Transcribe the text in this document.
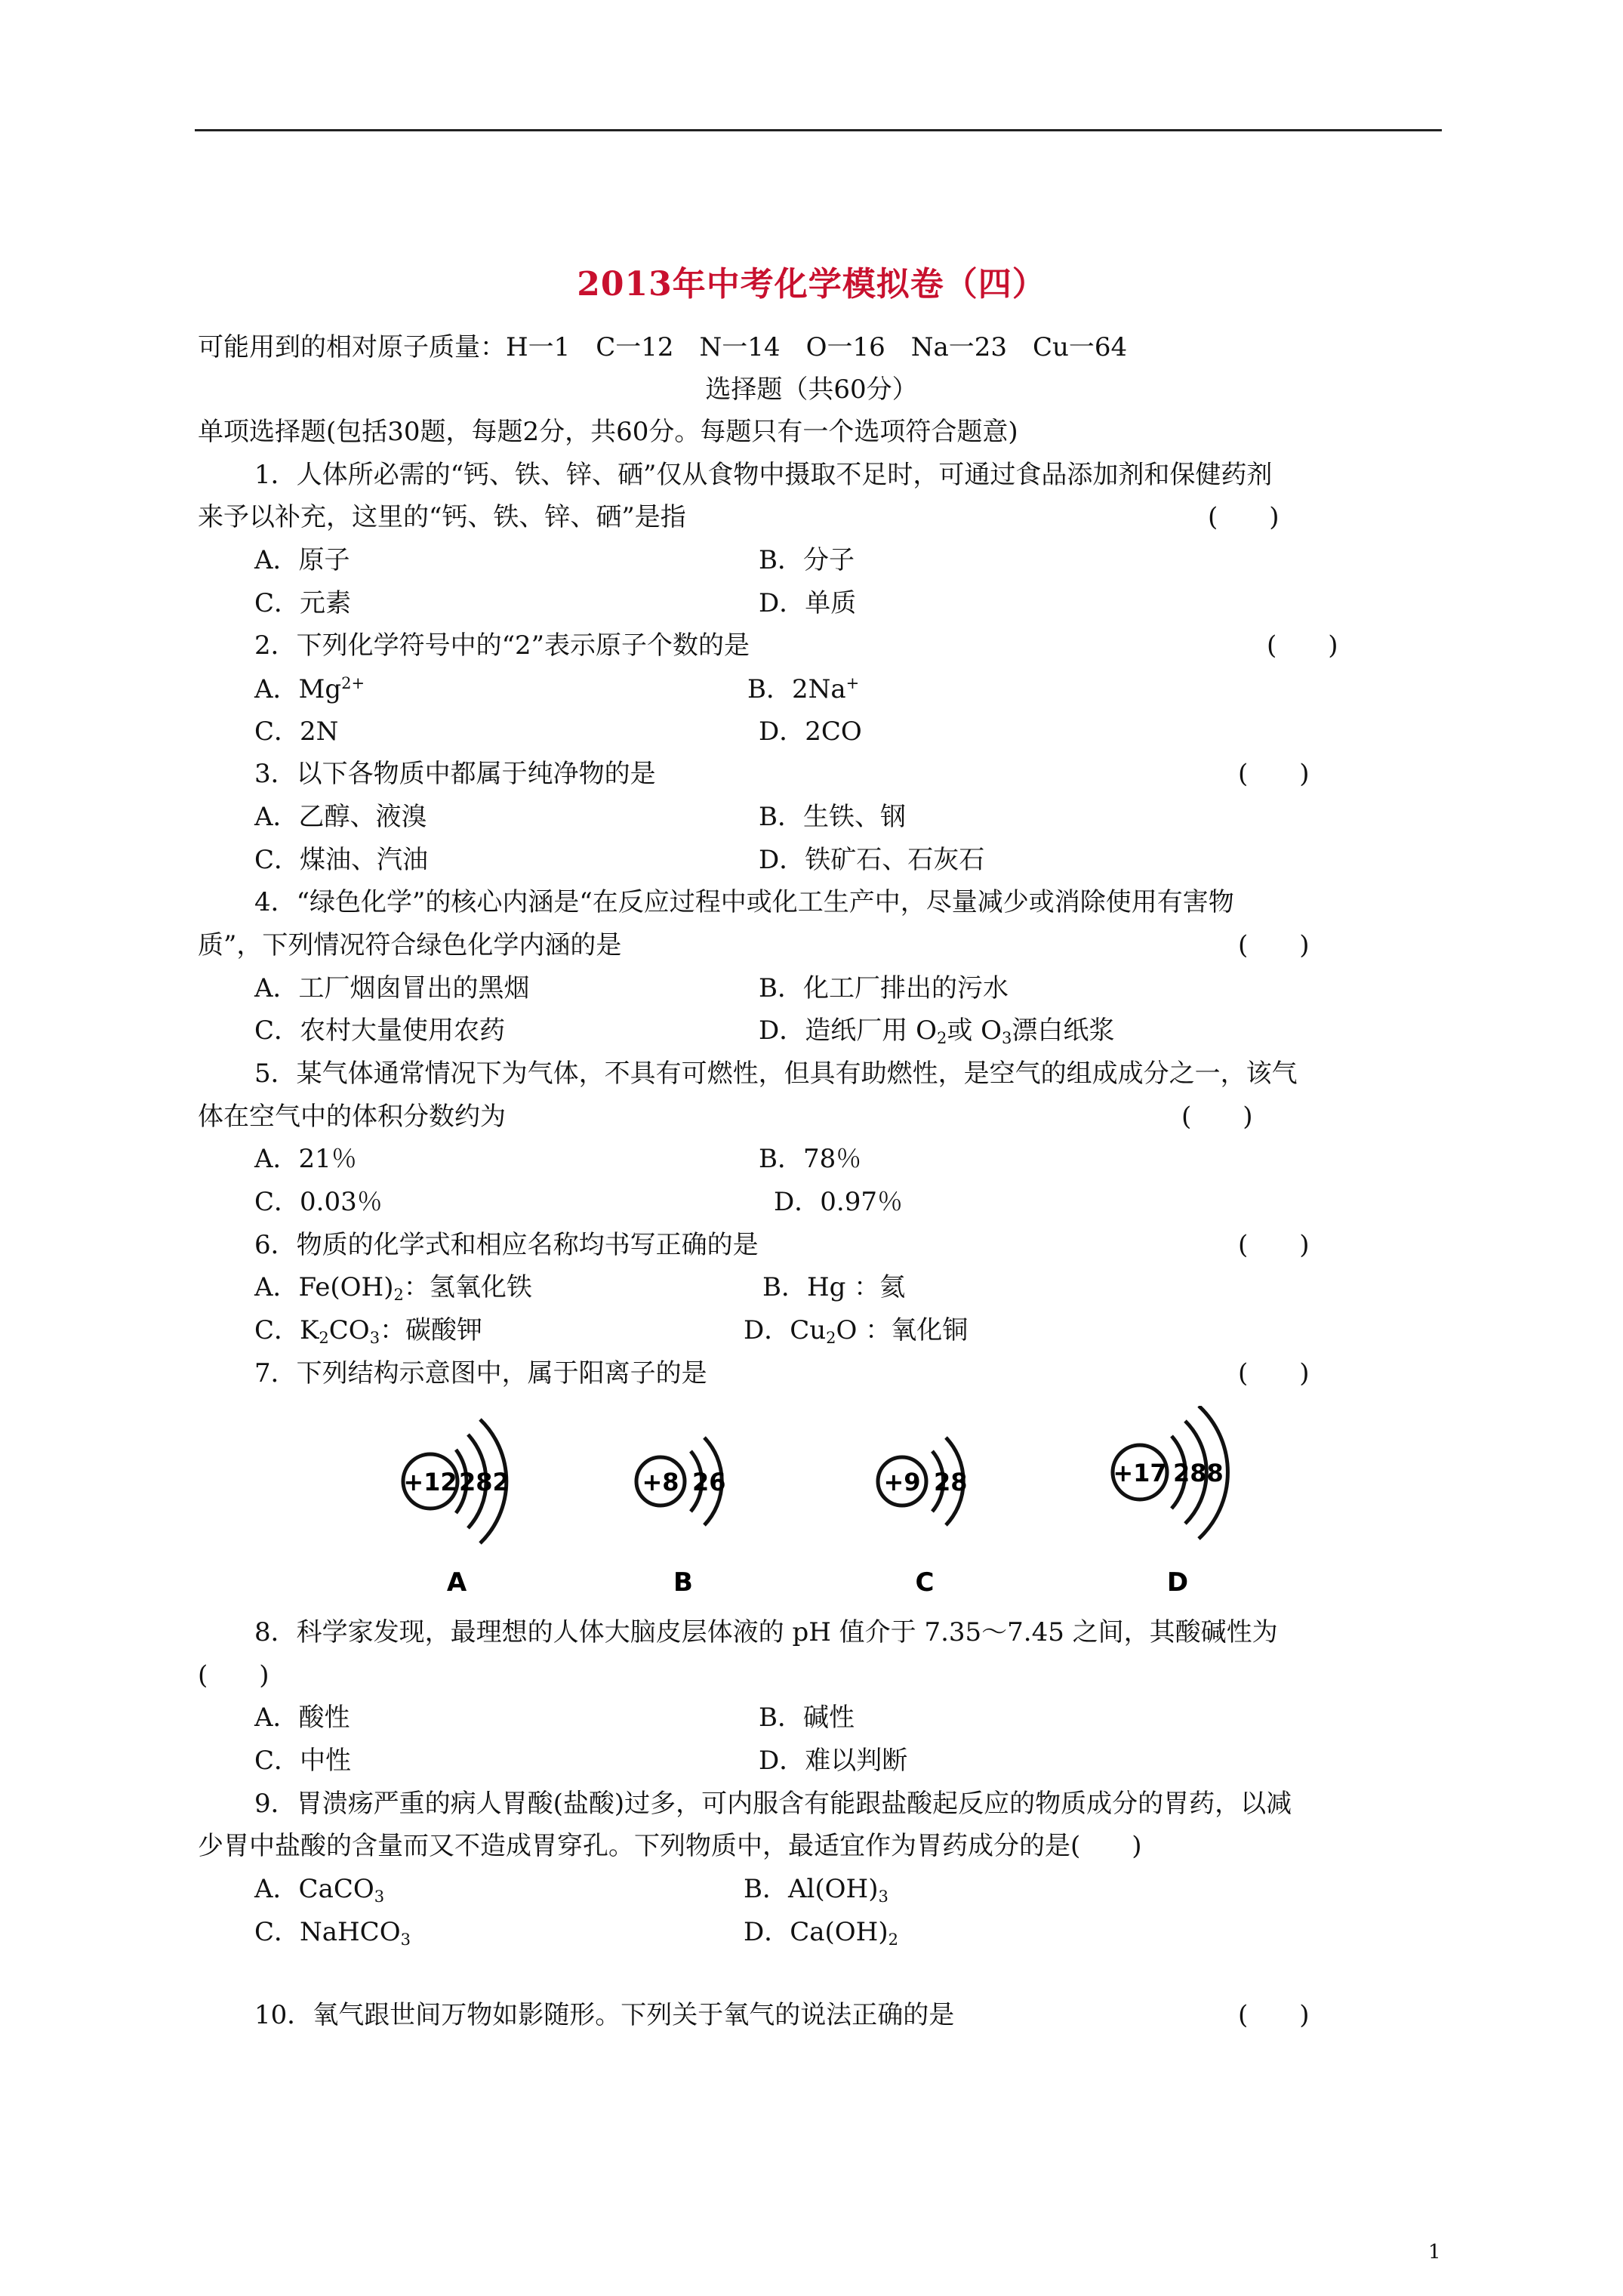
2013年中考化学模拟卷（四）
可能用到的相对原子质量：H一1　C一12　N一14　O一16　Na一23　Cu一64
选择题（共60分）
单项选择题(包括30题，每题2分，共60分。每题只有一个选项符合题意)
1．人体所必需的“钙、铁、锌、硒”仅从食物中摄取不足时，可通过食品添加剂和保健药剂
来予以补充，这里的“钙、铁、锌、硒”是指	(　　)
A．原子	B．分子
C．元素	D．单质
2．下列化学符号中的“2”表示原子个数的是	(　　)
A．$Mg^{2+}$	B．2Na+
C．2N	D．2CO
3．以下各物质中都属于纯净物的是	(　　)
A．乙醇、液溴	B．生铁、钢
C．煤油、汽油	D．铁矿石、石灰石
4．“绿色化学”的核心内涵是“在反应过程中或化工生产中，尽量减少或消除使用有害物
质”，下列情况符合绿色化学内涵的是	(　　)
A．工厂烟囱冒出的黑烟	B．化工厂排出的污水
C．农村大量使用农药	D．造纸厂用 $O_2$或 $O_3$漂白纸浆
5．某气体通常情况下为气体，不具有可燃性，但具有助燃性，是空气的组成成分之一，该气
体在空气中的体积分数约为	(　　)
A．21％	B．78％
C．0.03％	D．0.97％
6．物质的化学式和相应名称均书写正确的是	(　　)
A．$Fe(OH)_2$：氢氧化铁	B．Hg ：氦
C．$K_2CO_3$：碳酸钾	D．$Cu_2O$ ：氧化铜
7．下列结构示意图中，属于阳离子的是	(　　)
+12 282
A
+8 26
B
+9 28
C
+17 288
D
8．科学家发现，最理想的人体大脑皮层体液的 pH 值介于 7.35～7.45 之间，其酸碱性为
(　　)
A．酸性	B．碱性
C．中性	D．难以判断
9．胃溃疡严重的病人胃酸(盐酸)过多，可内服含有能跟盐酸起反应的物质成分的胃药，以减
少胃中盐酸的含量而又不造成胃穿孔。下列物质中，最适宜作为胃药成分的是(　　)
A．CaCO$_3$	B．$Al(OH)_3$
C．NaHCO$_3$	D．$Ca(OH)_2$
10．氧气跟世间万物如影随形。下列关于氧气的说法正确的是	(　　)
1
